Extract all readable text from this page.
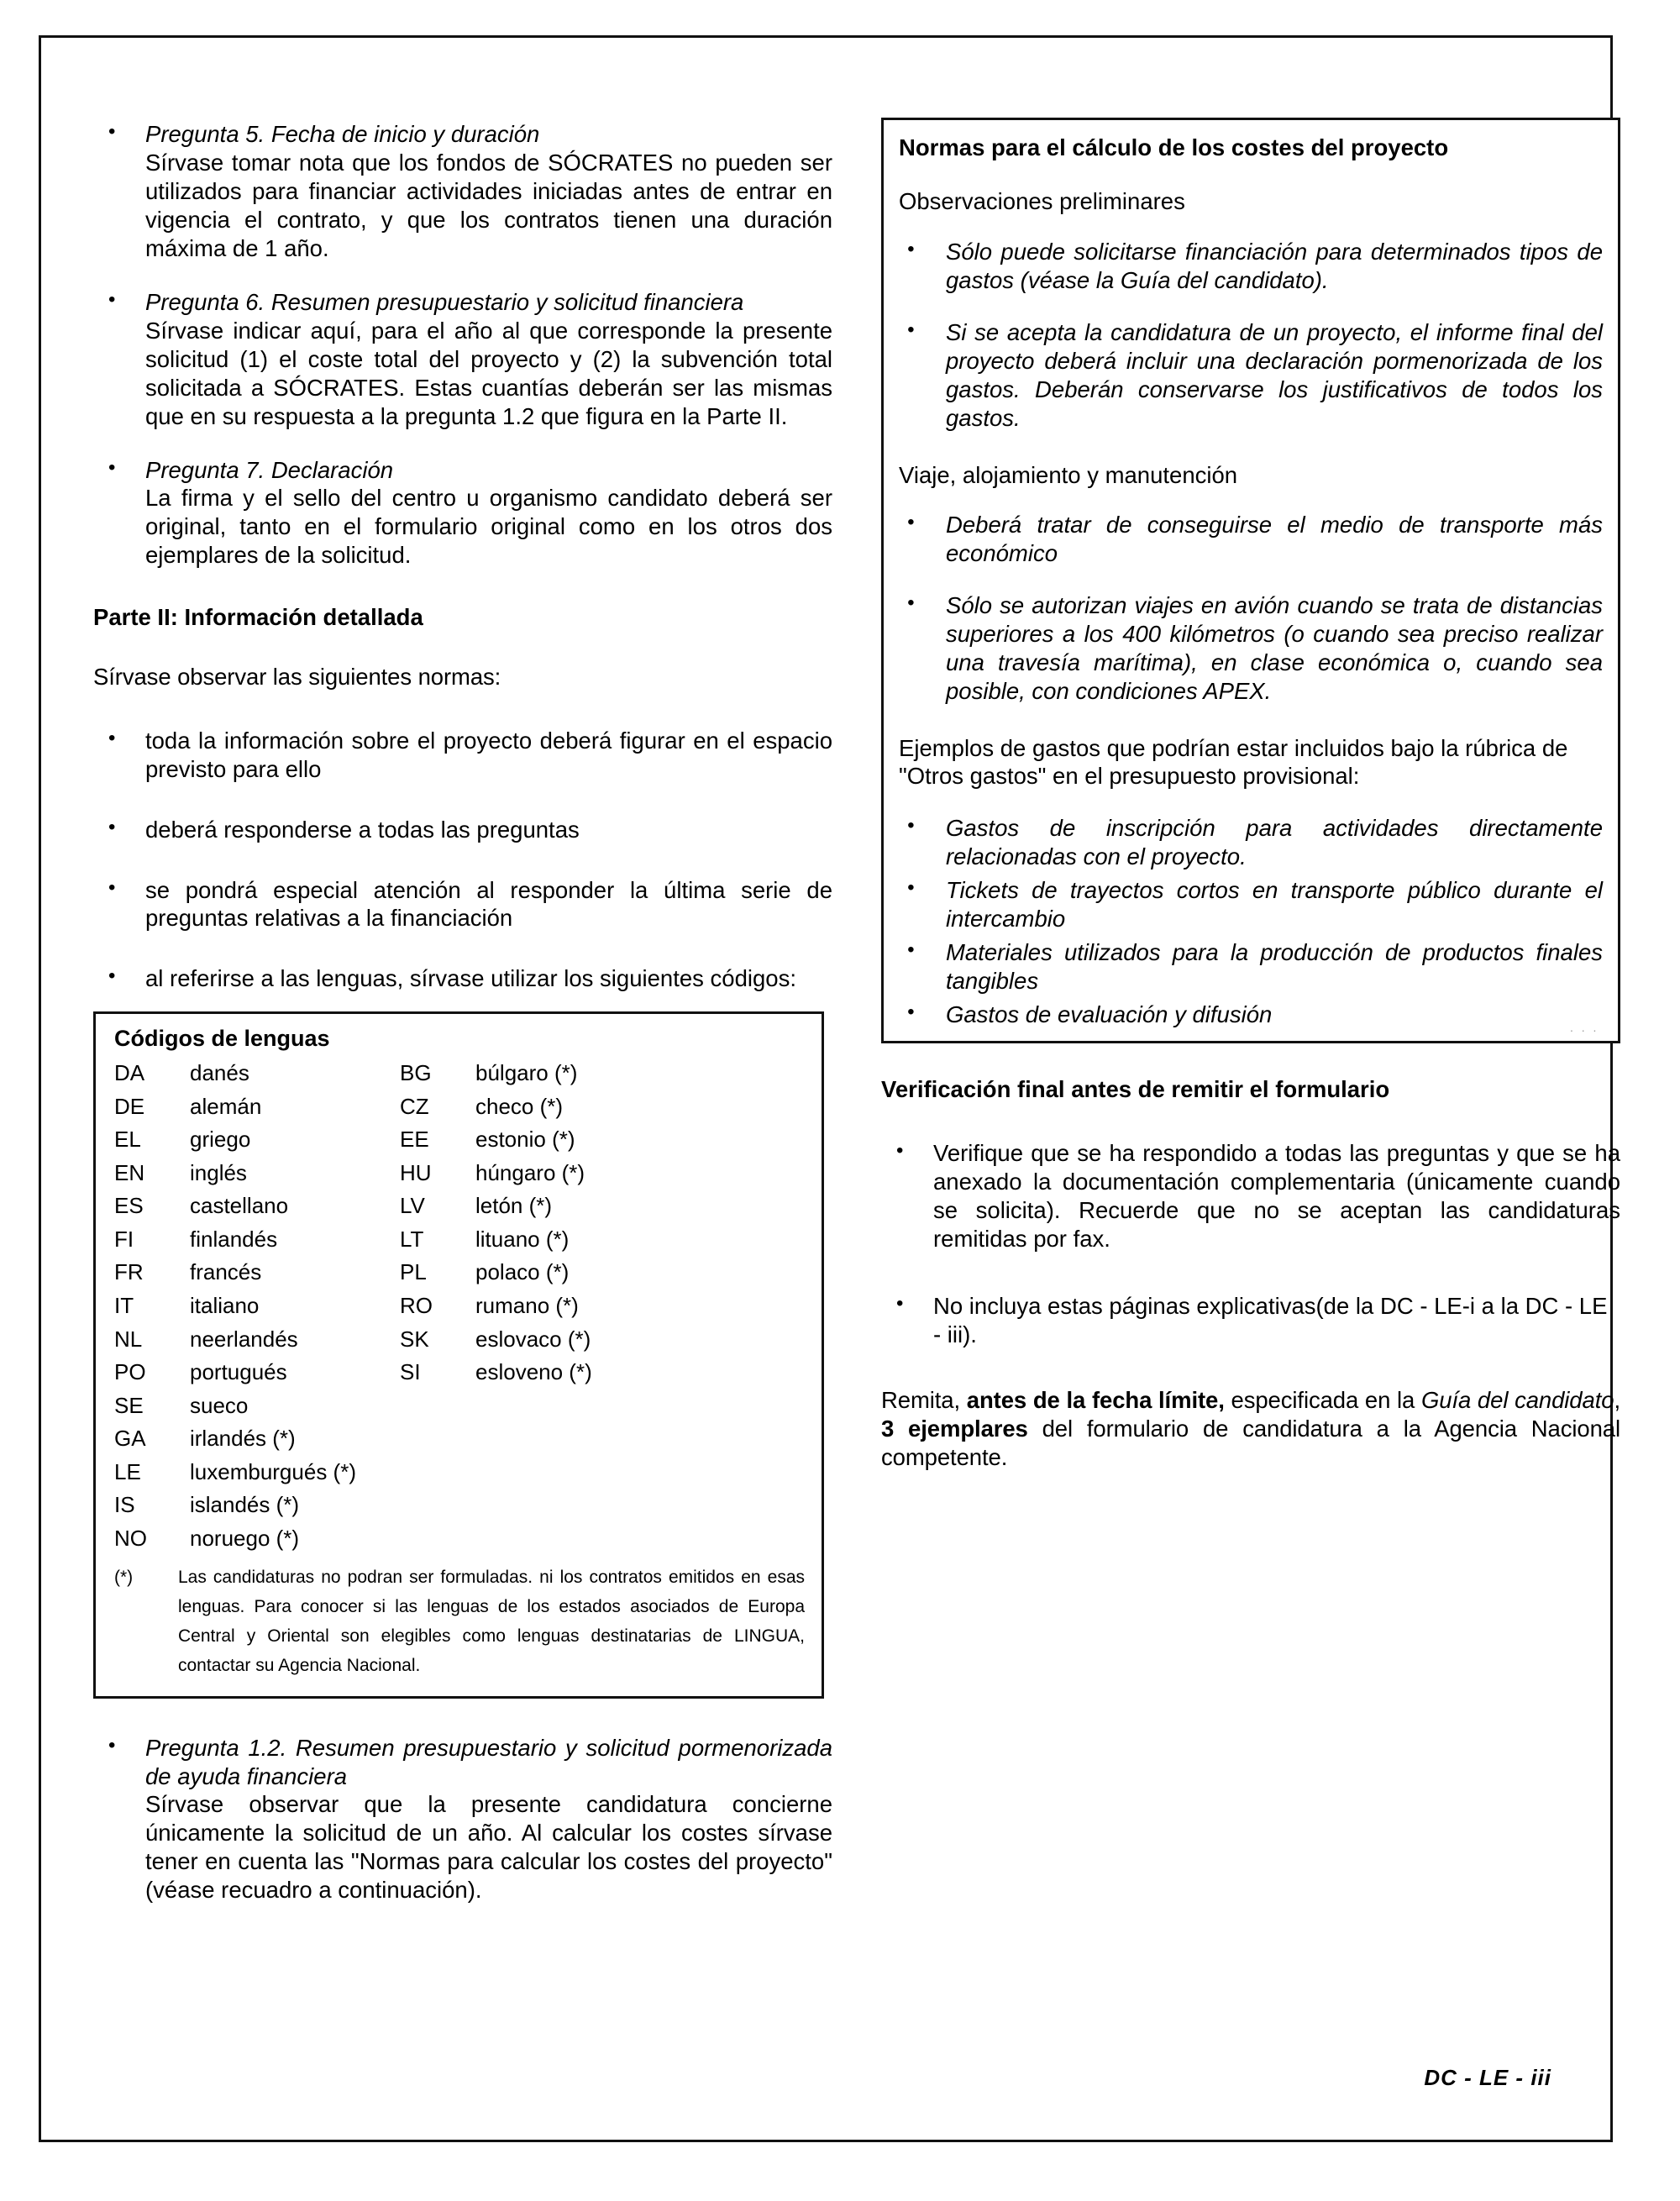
• Pregunta 5. Fecha de inicio y duración
Sírvase tomar nota que los fondos de SÓCRATES no pueden ser utilizados para financiar actividades iniciadas antes de entrar en vigencia el contrato, y que los contratos tienen una duración máxima de 1 año.
• Pregunta 6. Resumen presupuestario y solicitud financiera
Sírvase indicar aquí, para el año al que corresponde la presente solicitud (1) el coste total del proyecto y (2) la subvención total solicitada a SÓCRATES. Estas cuantías deberán ser las mismas que en su respuesta a la pregunta 1.2 que figura en la Parte II.
• Pregunta 7. Declaración
La firma y el sello del centro u organismo candidato deberá ser original, tanto en el formulario original como en los otros dos ejemplares de la solicitud.

Parte II: Información detallada

Sírvase observar las siguientes normas:

• toda la información sobre el proyecto deberá figurar en el espacio previsto para ello
• deberá responderse a todas las preguntas
• se pondrá especial atención al responder la última serie de preguntas relativas a la financiación
• al referirse a las lenguas, sírvase utilizar los siguientes códigos:
Códigos de lenguas
DA	danés	BG	búlgaro (*)
DE	alemán	CZ	checo (*)
EL	griego	EE	estonio (*)
EN	inglés	HU	húngaro (*)
ES	castellano	LV	letón (*)
FI	finlandés	LT	lituano (*)
FR	francés	PL	polaco (*)
IT	italiano	RO	rumano (*)
NL	neerlandés	SK	eslovaco (*)
PO	portugués	SI	esloveno (*)
SE	sueco
GA	irlandés (*)
LE	luxemburgués (*)
IS	islandés (*)
NO	noruego (*)
(*)	Las candidaturas no podran ser formuladas. ni los contratos emitidos en esas lenguas. Para conocer si las lenguas de los estados asociados de Europa Central y Oriental son elegibles como lenguas destinatarias de LINGUA, contactar su Agencia Nacional.
• Pregunta 1.2. Resumen presupuestario y solicitud pormenorizada de ayuda financiera
Sírvase observar que la presente candidatura concierne únicamente la solicitud de un año. Al calcular los costes sírvase tener en cuenta las "Normas para calcular los costes del proyecto" (véase recuadro a continuación).

Normas para el cálculo de los costes del proyecto

Observaciones preliminares

• Sólo puede solicitarse financiación para determinados tipos de gastos (véase la Guía del candidato).
• Si se acepta la candidatura de un proyecto, el informe final del proyecto deberá incluir una declaración pormenorizada de los gastos. Deberán conservarse los justificativos de todos los gastos.

Viaje, alojamiento y manutención

• Deberá tratar de conseguirse el medio de transporte más económico
• Sólo se autorizan viajes en avión cuando se trata de distancias superiores a los 400 kilómetros (o cuando sea preciso realizar una travesía marítima), en clase económica o, cuando sea posible, con condiciones APEX.

Ejemplos de gastos que podrían estar incluidos bajo la rúbrica de "Otros gastos" en el presupuesto provisional:

• Gastos de inscripción para actividades directamente relacionadas con el proyecto.
• Tickets de trayectos cortos en transporte público durante el intercambio
• Materiales utilizados para la producción de productos finales tangibles
• Gastos de evaluación y difusión

Verificación final antes de remitir el formulario

• Verifique que se ha respondido a todas las preguntas y que se ha anexado la documentación complementaria (únicamente cuando se solicita). Recuerde que no se aceptan las candidaturas remitidas por fax.
• No incluya estas páginas explicativas(de la DC - LE-i a la DC - LE - iii).

Remita, antes de la fecha límite, especificada en la Guía del candidato, 3 ejemplares del formulario de candidatura a la Agencia Nacional competente.

. . .
DC - LE - iii
